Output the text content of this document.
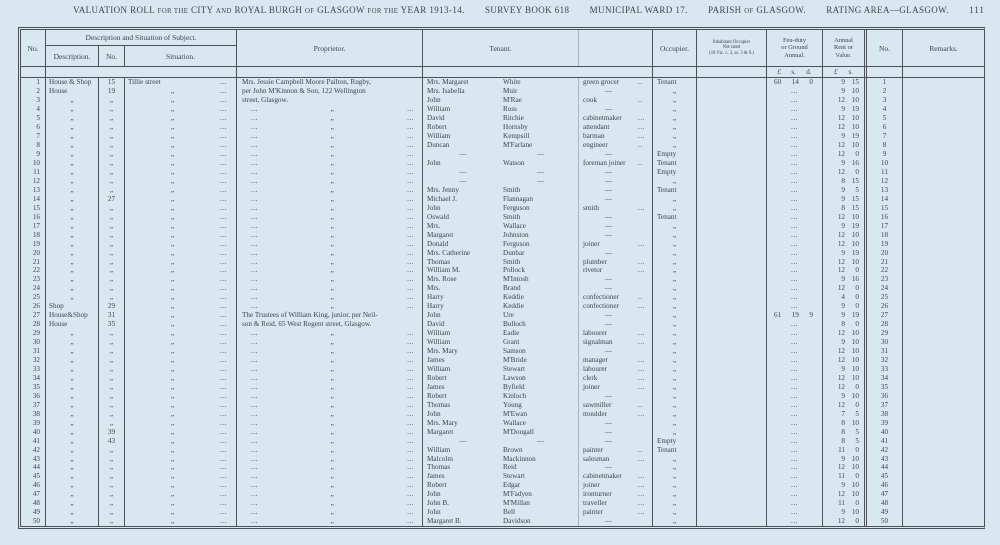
VALUATION ROLL FOR THE CITY AND ROYAL BURGH OF GLASGOW FOR THE YEAR 1913-14. SURVEY BOOK 618 MUNICIPAL WARD 17. PARISH OF GLASGOW. RATING AREA—GLASGOW. 111
No.
Description and Situation of Subject.
Description.	No.	Situation.
Proprietor.	Tenant.	Occupier.
Inhabitant Occupier
Not rated
(18 Vic. c. 3, ss. 3 & 9.)
Feu-duty
or Ground
Annual.
Annual
Rent or
Value.
No.	Remarks.
£ s. d.	£ s.
1	House & Shop	15	Tillie street	...	Mrs. Jessie Campbell Moore Pailton, Rugby,	Mrs. Margaret	White	green grocer	..	Tenant	60 14 0	9 15	1
2	House	19	„	...	per John M'Kinnon & Son, 122 Wellington	Mrs. Isabella	Muir	—	„	...	9 10	2
3	„	„	„	...	street, Glasgow.	John	M'Rae	cook	..	„	...	12 10	3
4	„	„	„	...	...	„	...	William	Ross	—	„	...	9 19	4
5	„	„	„	...	...	„	...	David	Ritchie	cabinetmaker	...	„	...	12 10	5
6	„	„	„	...	...	„	...	Robert	Hornsby	attendant	...	„	...	12 10	6
7	„	„	„	...	...	„	...	William	Kempsill	barman	...	„	...	9 19	7
8	„	„	„	...	...	„	...	Duncan	M'Farlane	engineer	..	„	...	12 10	8
9	„	„	„	...	...	„	...	—	—	—	Empty	...	12	0	9
10	„	„	„	...	...	„	...	John	Watson	foreman joiner	..	Tenant	...	9 16	10
11	„	„	„	...	...	„	...	—	—	—	Empty	...	12	0	11
12	„	„	„	...	...	„	...	—	—	—	„	...	8 15	12
13	„	„	„	...	...	„	...	Mrs. Jenny	Smith	—	Tenant	...	9	5	13
14	„	27	„	...	...	„	...	Michael J.	Flannagan	—	„	...	9 15	14
15	„	„	„	...	...	„	...	John	Ferguson	smith	...	„	...	8 15	15
16	„	„	„	...	...	„	...	Oswald	Smith	—	Tenant	...	12 10	16
17	„	„	„	...	...	„	...	Mrs.	Wallace	—	„	...	9 19	17
18	„	„	„	...	...	„	...	Margaret	Johnston	—	„	...	12 10	18
19	„	„	„	...	...	„	...	Donald	Ferguson	joiner	...	„	...	12 10	19
20	„	„	„	...	...	„	...	Mrs. Catherine	Dunbar	—	„	...	9 19	20
21	„	„	„	...	...	„	...	Thomas	Smith	plumber	...	„	...	12 10	21
22	„	„	„	...	...	„	...	William M.	Pollock	rivetor	...	„	...	12	0	22
23	„	„	„	...	...	„	...	Mrs. Rose	M'Intosh	—	„	...	9 16	23
24	„	„	„	...	...	„	...	Mrs.	Brand	—	„	...	12	0	24
25	„	„	„	...	...	„	...	Harry	Keddie	confectioner	..	„	...	4	0	25
26	Shop	29	„	...	...	„	...	Harry	Keddie	confectioner	...	„	...	9	0	26
27	House&Shop	31	„	...	The Trustees of William King, junior, per Neil-	John	Ure	—	„	61 19 9	9 19	27
28	House	35	„	...	son & Reid, 65 West Regent street, Glasgow.	David	Bulloch	—	„	...	8	0	28
29	„	„	„	...	...	„	...	William	Eadie	labourer	...	„	...	12 10	29
30	„	„	„	...	...	„	...	William	Grant	signalman	...	„	...	9 10	30
31	„	„	„	...	...	„	...	Mrs. Mary	Samson	—	„	...	12 10	31
32	„	„	„	...	...	„	...	James	M'Bride	manager	...	„	...	12 10	32
33	„	„	„	...	...	„	...	William	Stewart	labourer	...	„	...	9 10	33
34	„	„	„	...	...	„	...	Robert	Lawson	clerk	...	„	...	12 10	34
35	„	„	„	...	...	„	...	James	Byfield	joiner	...	„	...	12	0	35
36	„	„	„	...	...	„	...	Robert	Kinloch	—	„	...	9 10	36
37	„	„	„	...	...	„	...	Thomas	Young	sawmiller	..	„	...	12	0	37
38	„	„	„	...	...	„	...	John	M'Ewan	moulder	...	„	...	7	5	38
39	„	„	„	...	...	„	...	Mrs. Mary	Wallace	—	„	...	8 10	39
40	„	39	„	...	...	„	...	Margaret	M'Dougall	—	„	...	8	5	40
41	„	43	„	...	...	„	...	—	—	—	Empty	...	8	5	41
42	„	„	„	...	...	„	...	William	Brown	painter	..	Tenant	...	11	0	42
43	„	„	„	...	...	„	...	Malcolm	Mackinnon	salesman	...	„	...	9 10	43
44	„	„	„	...	...	„	...	Thomas	Reid	—	„	...	12 10	44
45	„	„	„	...	...	„	...	James	Stewart	cabinetmaker	...	„	...	11	0	45
46	„	„	„	...	...	„	...	Robert	Edgar	joiner	...	„	...	9 10	46
47	„	„	„	...	...	„	...	John	M'Fadyen	ironturner	...	„	...	12 10	47
48	„	„	„	...	...	„	...	John B.	M'Millan	traveller	...	„	...	11	0	48
49	„	„	„	...	...	„	...	John	Bell	painter	...	„	...	9 10	49
50	„	„	„	...	...	„	...	Margaret B.	Davidson	—	„	...	12	0	50
